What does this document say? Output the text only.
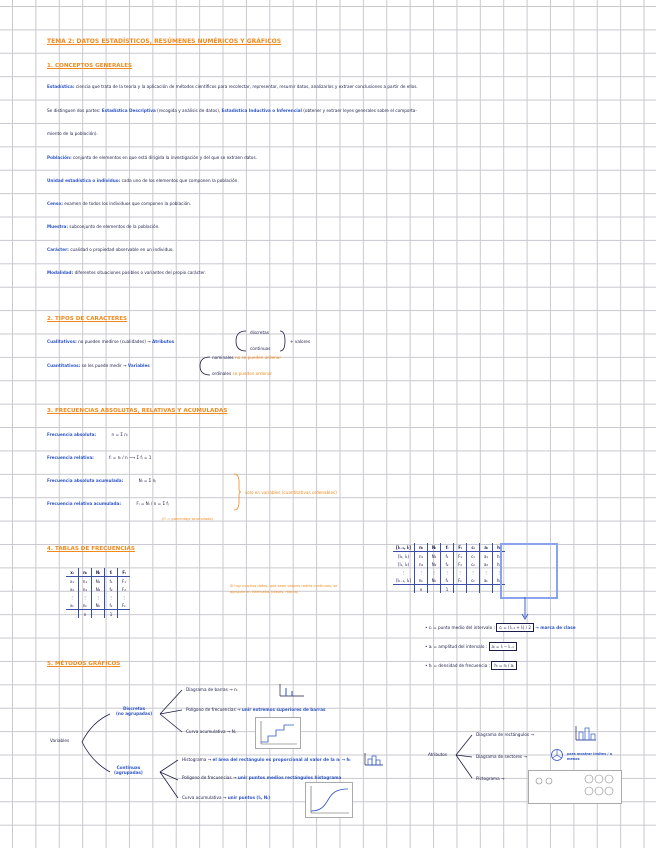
TEMA 2: DATOS ESTADÍSTICOS, RESÚMENES NUMÉRICOS Y GRÁFICOS
1. CONCEPTOS GENERALES
Estadística: ciencia que trata de la teoría y la aplicación de métodos científicos para recolectar, representar, resumir datos, analizarlos y extraer conclusiones a partir de ellos.
Se distinguen dos partes: Estadística Descriptiva (recogida y análisis de datos), Estadística Inductiva o Inferencial (obtener y extraer leyes generales sobre el comporta-
miento de la población).
Población: conjunto de elementos en que está dirigida la investigación y del que se extraen datos.
Unidad estadística o individuo: cada uno de los elementos que componen la población.
Censo: examen de todos los individuos que componen la población.
Muestra: subconjunto de elementos de la población.
Carácter: cualidad o propiedad observable en un individuo.
Modalidad: diferentes situaciones posibles o variantes del propio carácter.
2. TIPOS DE CARACTERES
Cualitativos: no pueden medirse (cualidades) → Atributos
discretas
continuas
+ valores
Cuantitativos: se les puede medir → Variables
nominales no se pueden ordenar
ordinales se pueden ordenar
3. FRECUENCIAS ABSOLUTAS, RELATIVAS Y ACUMULADAS
Frecuencia absoluta:	n = Σ nᵢ
Frecuencia relativa:	fᵢ = nᵢ / n ⟶ Σ fᵢ = 1
Frecuencia absoluta acumulada:	Nᵢ = Σ nⱼ
Frecuencia relativa acumulada:	Fᵢ = Nᵢ / n = Σ fⱼ
(Fᵢ = porcentaje acumulado)
solo en variables (cuantitativas ordenables)
4. TABLAS DE FRECUENCIAS
xᵢ	nᵢ	Nᵢ	fᵢ	Fᵢ
x₁	n₁	N₁	f₁	F₁
x₂	n₂	N₂	f₂	F₂
⋮	⋮	⋮	⋮	⋮
xₖ	nₖ	Nₖ	fₖ	Fₖ
	n		1	
Si hay muchos datos, que sean valores reales continuos, se agrupan en intervalos (clases, marca)
[lᵢ₋₁, lᵢ]	nᵢ	Nᵢ	fᵢ	Fᵢ	cᵢ	aᵢ	hᵢ
[l₀, l₁)	n₁	N₁	f₁	F₁	c₁	a₁	h₁
[l₁, l₂)	n₂	N₂	f₂	F₂	c₂	a₂	h₂
⋮	⋮	⋮	⋮	⋮	⋮	⋮	⋮
[lₖ₋₁, lₖ]	nₖ	Nₖ	fₖ	Fₖ	cₖ	aₖ	hₖ
	n		1				
• cᵢ = punto medio del intervalo : cᵢ = (lᵢ₋₁ + lᵢ) / 2 → marca de clase
• aᵢ = amplitud del intervalo : aᵢ = lᵢ − lᵢ₋₁
• hᵢ = densidad de frecuencia : hᵢ = nᵢ / aᵢ
5. MÉTODOS GRÁFICOS
Variables
Discretas
(no agrupadas)
Continuas
(agrupadas)
Diagrama de barras → nᵢ
Polígono de frecuencias → unir extremos superiores de barras
Curva acumulativa → Nᵢ
Histograma → el área del rectángulo es proporcional al valor de la nᵢ → hᵢ
Polígono de frecuencias → unir puntos medios rectángulos histograma
Curva acumulativa → unir puntos (lᵢ, Nᵢ)
Atributos
Diagrama de rectángulos →
Diagrama de sectores →	para mostrar límites / a menos
Pictograma →
